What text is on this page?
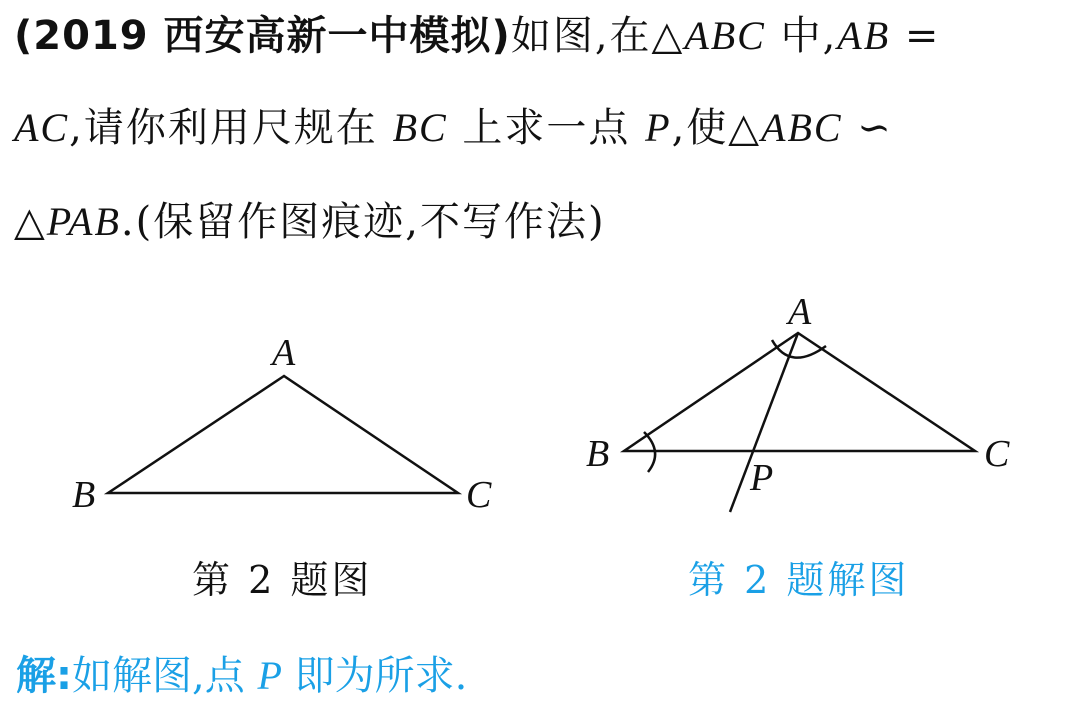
(2019 西安高新一中模拟)如图,在△ABC 中,AB =
AC,请你利用尺规在 BC 上求一点 P,使△ABC ∽
△PAB.(保留作图痕迹,不写作法)
A
B	C
A
B	C
P
第 2 题图	第 2 题解图
解:如解图,点 P 即为所求.
